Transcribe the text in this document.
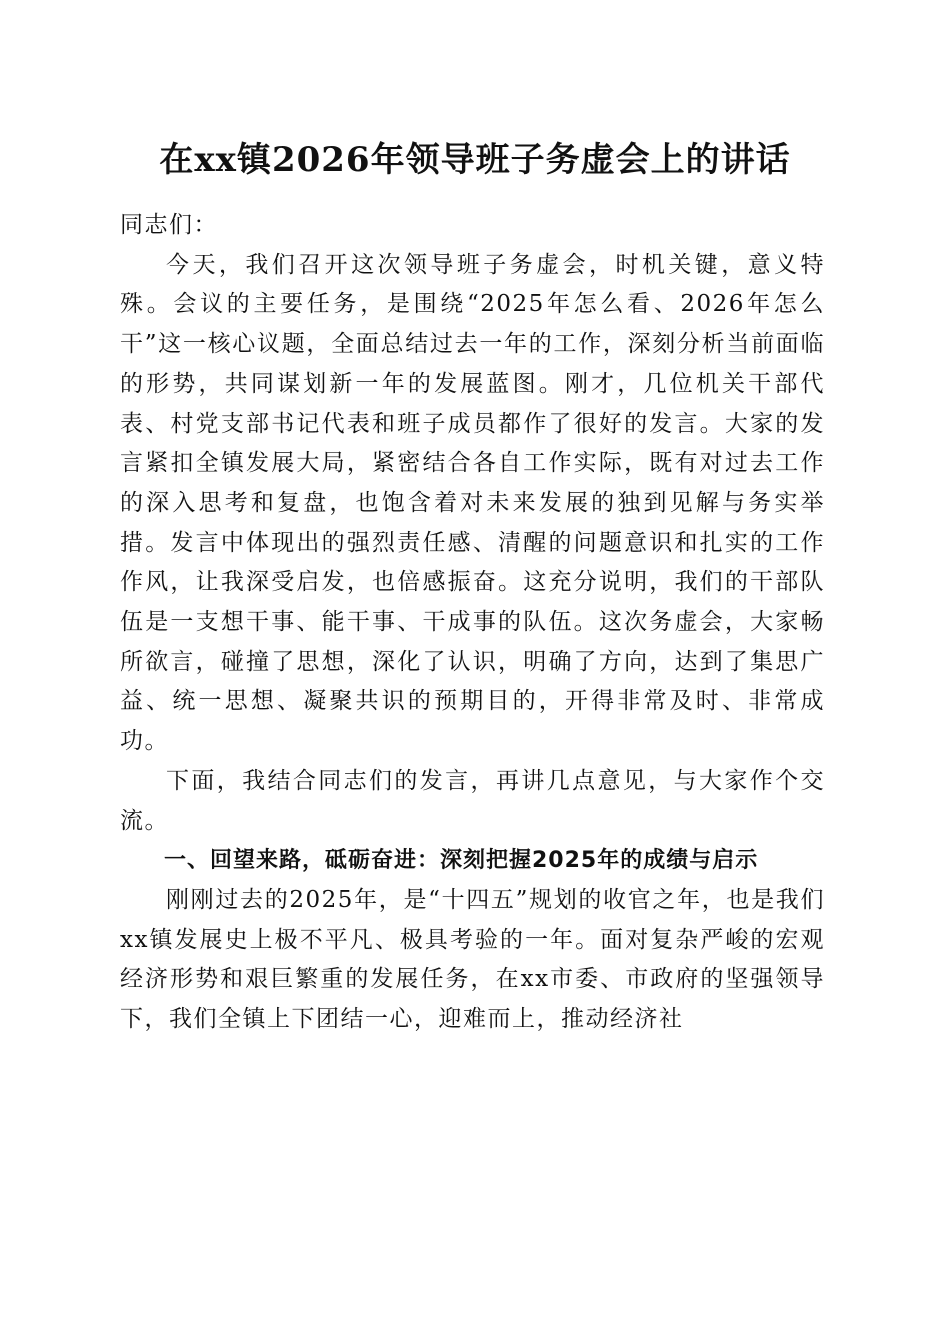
在xx镇2026年领导班子务虚会上的讲话

同志们：

今天，我们召开这次领导班子务虚会，时机关键，意义特殊。会议的主要任务，是围绕“2025年怎么看、2026年怎么干”这一核心议题，全面总结过去一年的工作，深刻分析当前面临的形势，共同谋划新一年的发展蓝图。刚才，几位机关干部代表、村党支部书记代表和班子成员都作了很好的发言。大家的发言紧扣全镇发展大局，紧密结合各自工作实际，既有对过去工作的深入思考和复盘，也饱含着对未来发展的独到见解与务实举措。发言中体现出的强烈责任感、清醒的问题意识和扎实的工作作风，让我深受启发，也倍感振奋。这充分说明，我们的干部队伍是一支想干事、能干事、干成事的队伍。这次务虚会，大家畅所欲言，碰撞了思想，深化了认识，明确了方向，达到了集思广益、统一思想、凝聚共识的预期目的，开得非常及时、非常成功。

下面，我结合同志们的发言，再讲几点意见，与大家作个交流。

一、回望来路，砥砺奋进：深刻把握2025年的成绩与启示

刚刚过去的2025年，是“十四五”规划的收官之年，也是我们xx镇发展史上极不平凡、极具考验的一年。面对复杂严峻的宏观经济形势和艰巨繁重的发展任务，在xx市委、市政府的坚强领导下，我们全镇上下团结一心，迎难而上，推动经济社
